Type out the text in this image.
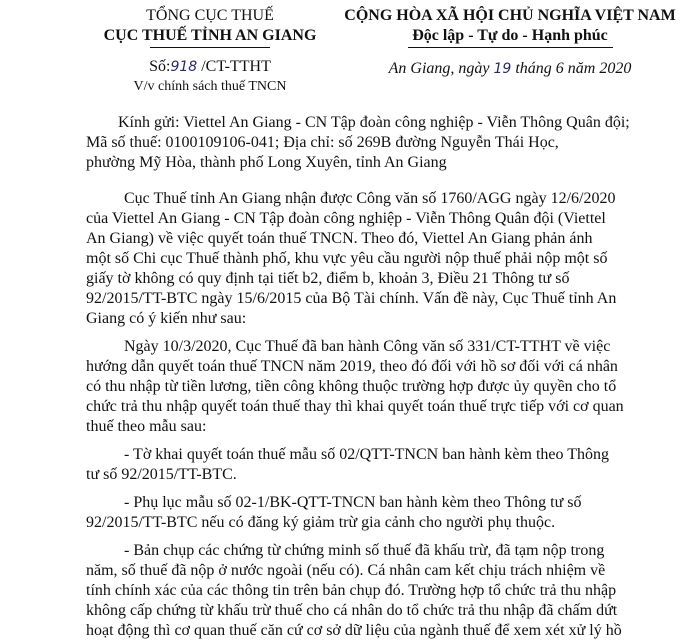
TỔNG CỤC THUẾ
CỤC THUẾ TỈNH AN GIANG
Số:918 /CT-TTHT
V/v chính sách thuế TNCN
CỘNG HÒA XÃ HỘI CHỦ NGHĨA VIỆT NAM
Độc lập - Tự do - Hạnh phúc
An Giang, ngày 19 tháng 6 năm 2020
Kính gửi: Viettel An Giang - CN Tập đoàn công nghiệp - Viễn Thông Quân đội;
Mã số thuế: 0100109106-041; Địa chỉ: số 269B đường Nguyễn Thái Học,
phường Mỹ Hòa, thành phố Long Xuyên, tỉnh An Giang
Cục Thuế tỉnh An Giang nhận được Công văn số 1760/AGG ngày 12/6/2020
của Viettel An Giang - CN Tập đoàn công nghiệp - Viễn Thông Quân đội (Viettel
An Giang) về việc quyết toán thuế TNCN. Theo đó, Viettel An Giang phản ánh
một số Chi cục Thuế thành phố, khu vực yêu cầu người nộp thuế phải nộp một số
giấy tờ không có quy định tại tiết b2, điểm b, khoản 3, Điều 21 Thông tư số
92/2015/TT-BTC ngày 15/6/2015 của Bộ Tài chính. Vấn đề này, Cục Thuế tỉnh An
Giang có ý kiến như sau:
Ngày 10/3/2020, Cục Thuế đã ban hành Công văn số 331/CT-TTHT về việc
hướng dẫn quyết toán thuế TNCN năm 2019, theo đó đối với hồ sơ đối với cá nhân
có thu nhập từ tiền lương, tiền công không thuộc trường hợp được ủy quyền cho tổ
chức trả thu nhập quyết toán thuế thay thì khai quyết toán thuế trực tiếp với cơ quan
thuế theo mẫu sau:
- Tờ khai quyết toán thuế mẫu số 02/QTT-TNCN ban hành kèm theo Thông
tư số 92/2015/TT-BTC.
- Phụ lục mẫu số 02-1/BK-QTT-TNCN ban hành kèm theo Thông tư số
92/2015/TT-BTC nếu có đăng ký giảm trừ gia cảnh cho người phụ thuộc.
- Bản chụp các chứng từ chứng minh số thuế đã khấu trừ, đã tạm nộp trong
năm, số thuế đã nộp ở nước ngoài (nếu có). Cá nhân cam kết chịu trách nhiệm về
tính chính xác của các thông tin trên bản chụp đó. Trường hợp tổ chức trả thu nhập
không cấp chứng từ khấu trừ thuế cho cá nhân do tổ chức trả thu nhập đã chấm dứt
hoạt động thì cơ quan thuế căn cứ cơ sở dữ liệu của ngành thuế để xem xét xử lý hồ
